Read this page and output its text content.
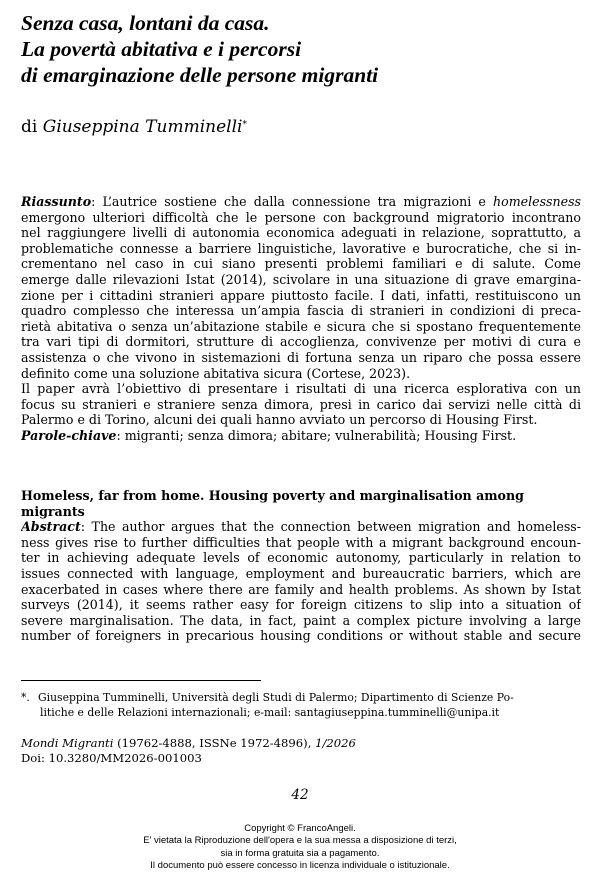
Senza casa, lontani da casa.
La povertà abitativa e i percorsi
di emarginazione delle persone migranti

di Giuseppina Tumminelli*

Riassunto: L’autrice sostiene che dalla connessione tra migrazioni e homelessness
emergono ulteriori difficoltà che le persone con background migratorio incontrano
nel raggiungere livelli di autonomia economica adeguati in relazione, soprattutto, a
problematiche connesse a barriere linguistiche, lavorative e burocratiche, che si in-
crementano nel caso in cui siano presenti problemi familiari e di salute. Come
emerge dalle rilevazioni Istat (2014), scivolare in una situazione di grave emargina-
zione per i cittadini stranieri appare piuttosto facile. I dati, infatti, restituiscono un
quadro complesso che interessa un’ampia fascia di stranieri in condizioni di preca-
rietà abitativa o senza un’abitazione stabile e sicura che si spostano frequentemente
tra vari tipi di dormitori, strutture di accoglienza, convivenze per motivi di cura e
assistenza o che vivono in sistemazioni di fortuna senza un riparo che possa essere
definito come una soluzione abitativa sicura (Cortese, 2023).
Il paper avrà l’obiettivo di presentare i risultati di una ricerca esplorativa con un
focus su stranieri e straniere senza dimora, presi in carico dai servizi nelle città di
Palermo e di Torino, alcuni dei quali hanno avviato un percorso di Housing First.
Parole-chiave: migranti; senza dimora; abitare; vulnerabilità; Housing First.
Homeless, far from home. Housing poverty and marginalisation among
migrants
Abstract: The author argues that the connection between migration and homeless-
ness gives rise to further difficulties that people with a migrant background encoun-
ter in achieving adequate levels of economic autonomy, particularly in relation to
issues connected with language, employment and bureaucratic barriers, which are
exacerbated in cases where there are family and health problems. As shown by Istat
surveys (2014), it seems rather easy for foreign citizens to slip into a situation of
severe marginalisation. The data, in fact, paint a complex picture involving a large
number of foreigners in precarious housing conditions or without stable and secure
*. Giuseppina Tumminelli, Università degli Studi di Palermo; Dipartimento di Scienze Po-
litiche e delle Relazioni internazionali; e-mail: santagiuseppina.tumminelli@unipa.it
Mondi Migranti (19762-4888, ISSNe 1972-4896), 1/2026
Doi: 10.3280/MM2026-001003
42
Copyright © FrancoAngeli.
E' vietata la Riproduzione dell'opera e la sua messa a disposizione di terzi,
sia in forma gratuita sia a pagamento.
Il documento può essere concesso in licenza individuale o istituzionale.
